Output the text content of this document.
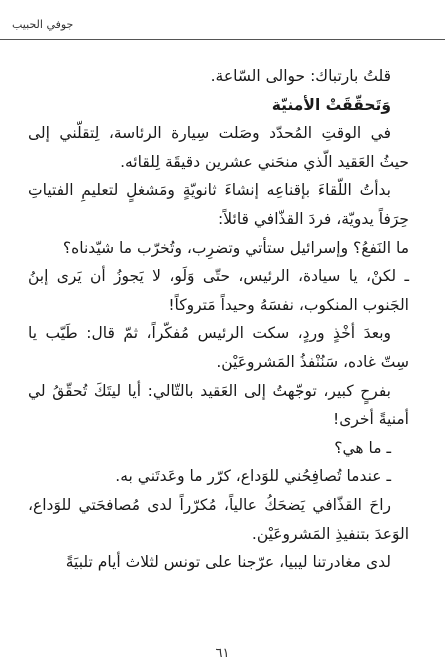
جوفي الحبيب

قلتُ بارتباك: حوالى السّاعة.

وَتَحقّقَتْ الأمنيّة

في الوقتِ المُحدّد وصَلت سِيارة الرئاسة، لِتقلّني إلى حيثُ العَقيد الّذي منحَني عشرين دقيقَة لِلقائه.

بدأتُ اللّقاءَ بإقناعِه إنشاءَ ثانويّةٍ ومَشغلٍ لتعليمِ الفتياتِ حِرَفاً يدويّة، فردَ القذّافي قائلاً:

ما النَفعُ؟ وإسرائيل ستأتي وتضرِب، وتُخرّب ما شيّدناه؟

ـ لكنْ، يا سيادة، الرئيس، حتّى وَلَو، لا يَجوزُ أن يَرى إبنُ الجَنوب المنكوب، نفسَهُ وحيداً مَتروكاً!

وبعدَ أخْذٍ وردٍ، سكت الرئيس مُفكّراً، ثمّ قال: طَيّب يا سِتّ غاده، سَنُنْفذُ المَشروعَيْن.

بفرحٍ كبير، توجّهتُ إلى العَقيد بالتّالي: أيا ليتَكَ تُحقّقُ لي أمنيةً أخرى!

ـ ما هي؟

ـ عندما تُصافِحُني للوَداع، كرّر ما وعَدتَني به.

راحَ القذّافي يَضحَكُ عالياً، مُكرّراً لدى مُصافحَتي للوَداع، الوَعدَ بتنفيذِ المَشروعَيْن.

لدى مغادرتنا ليبيا، عرّجنا على تونس لثلاث أيام تلبيَةً

٦١
